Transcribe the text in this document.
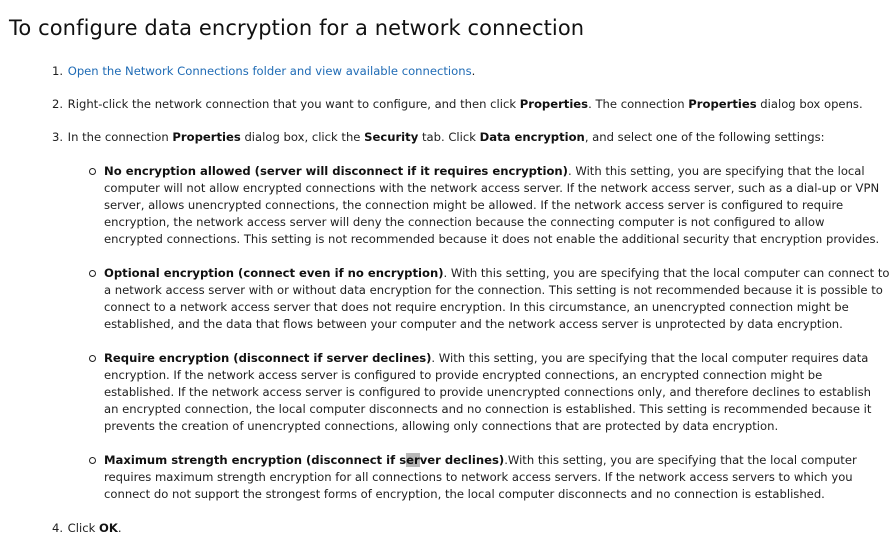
To configure data encryption for a network connection
1. Open the Network Connections folder and view available connections.
2. Right-click the network connection that you want to configure, and then click Properties. The connection Properties dialog box opens.
3. In the connection Properties dialog box, click the Security tab. Click Data encryption, and select one of the following settings:
No encryption allowed (server will disconnect if it requires encryption). With this setting, you are specifying that the local
computer will not allow encrypted connections with the network access server. If the network access server, such as a dial-up or VPN
server, allows unencrypted connections, the connection might be allowed. If the network access server is configured to require
encryption, the network access server will deny the connection because the connecting computer is not configured to allow
encrypted connections. This setting is not recommended because it does not enable the additional security that encryption provides.
Optional encryption (connect even if no encryption). With this setting, you are specifying that the local computer can connect to
a network access server with or without data encryption for the connection. This setting is not recommended because it is possible to
connect to a network access server that does not require encryption. In this circumstance, an unencrypted connection might be
established, and the data that flows between your computer and the network access server is unprotected by data encryption.
Require encryption (disconnect if server declines). With this setting, you are specifying that the local computer requires data
encryption. If the network access server is configured to provide encrypted connections, an encrypted connection might be
established. If the network access server is configured to provide unencrypted connections only, and therefore declines to establish
an encrypted connection, the local computer disconnects and no connection is established. This setting is recommended because it
prevents the creation of unencrypted connections, allowing only connections that are protected by data encryption.
Maximum strength encryption (disconnect if server declines).With this setting, you are specifying that the local computer
requires maximum strength encryption for all connections to network access servers. If the network access servers to which you
connect do not support the strongest forms of encryption, the local computer disconnects and no connection is established.
4. Click OK.
